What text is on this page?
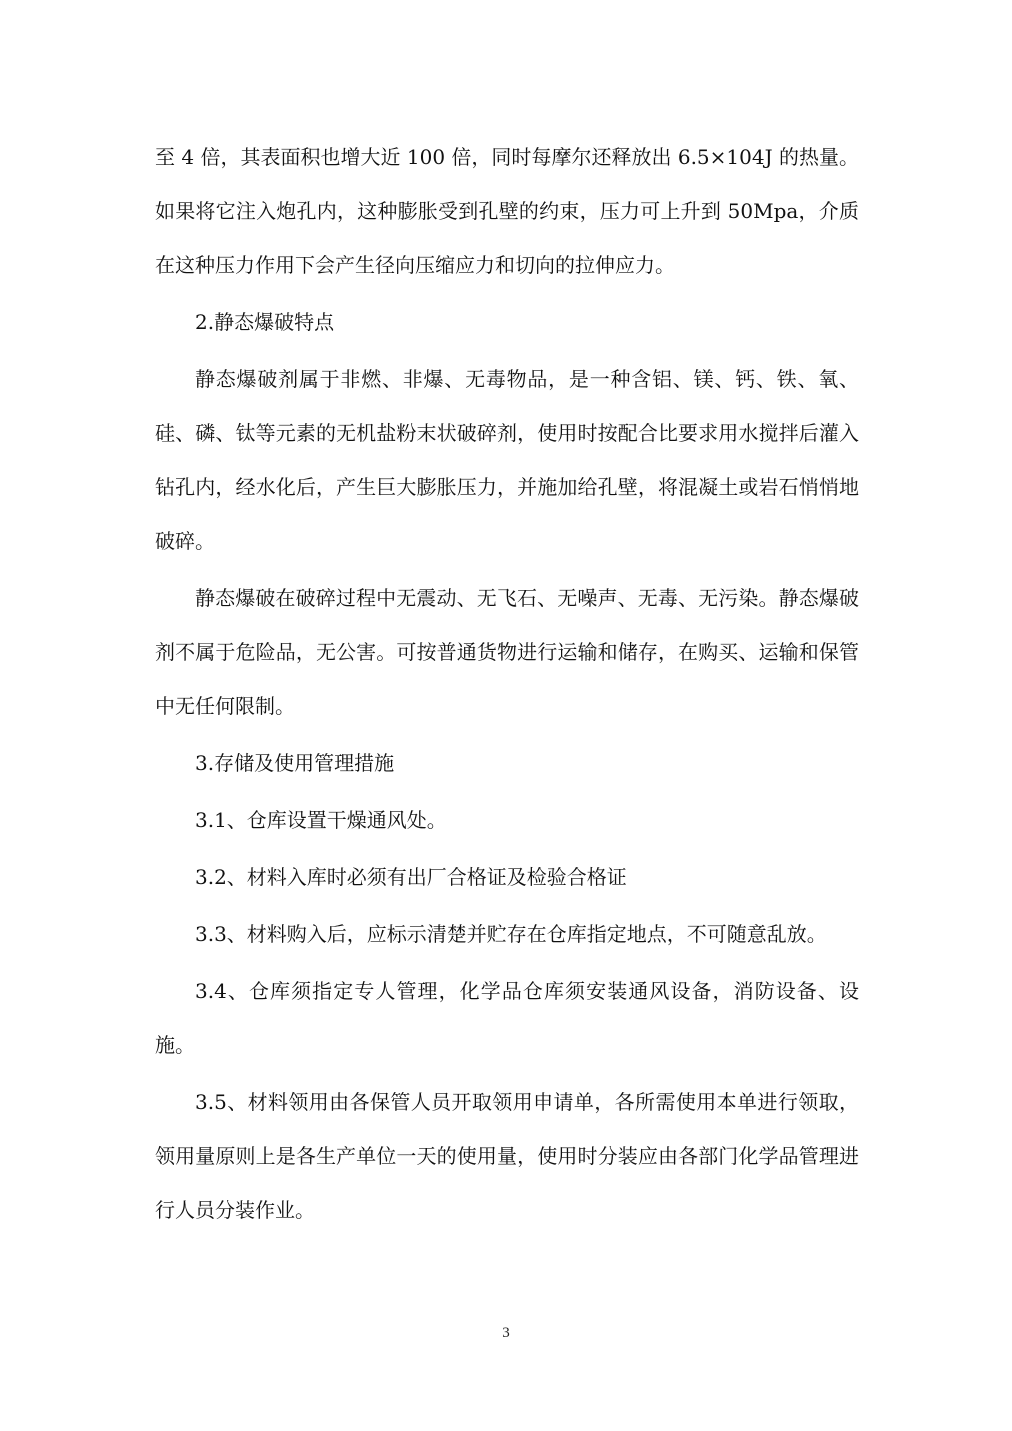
至 4 倍，其表面积也增大近 100 倍，同时每摩尔还释放出 6.5×104J 的热量。如果将它注入炮孔内，这种膨胀受到孔壁的约束，压力可上升到 50Mpa，介质在这种压力作用下会产生径向压缩应力和切向的拉伸应力。

2.静态爆破特点

静态爆破剂属于非燃、非爆、无毒物品，是一种含铝、镁、钙、铁、氧、硅、磷、钛等元素的无机盐粉末状破碎剂，使用时按配合比要求用水搅拌后灌入钻孔内，经水化后，产生巨大膨胀压力，并施加给孔壁，将混凝土或岩石悄悄地破碎。

静态爆破在破碎过程中无震动、无飞石、无噪声、无毒、无污染。静态爆破剂不属于危险品，无公害。可按普通货物进行运输和储存，在购买、运输和保管中无任何限制。

3.存储及使用管理措施

3.1、仓库设置干燥通风处。

3.2、材料入库时必须有出厂合格证及检验合格证

3.3、材料购入后，应标示清楚并贮存在仓库指定地点，不可随意乱放。

3.4、仓库须指定专人管理，化学品仓库须安装通风设备，消防设备、设施。

3.5、材料领用由各保管人员开取领用申请单，各所需使用本单进行领取，领用量原则上是各生产单位一天的使用量，使用时分装应由各部门化学品管理进行人员分装作业。

3
